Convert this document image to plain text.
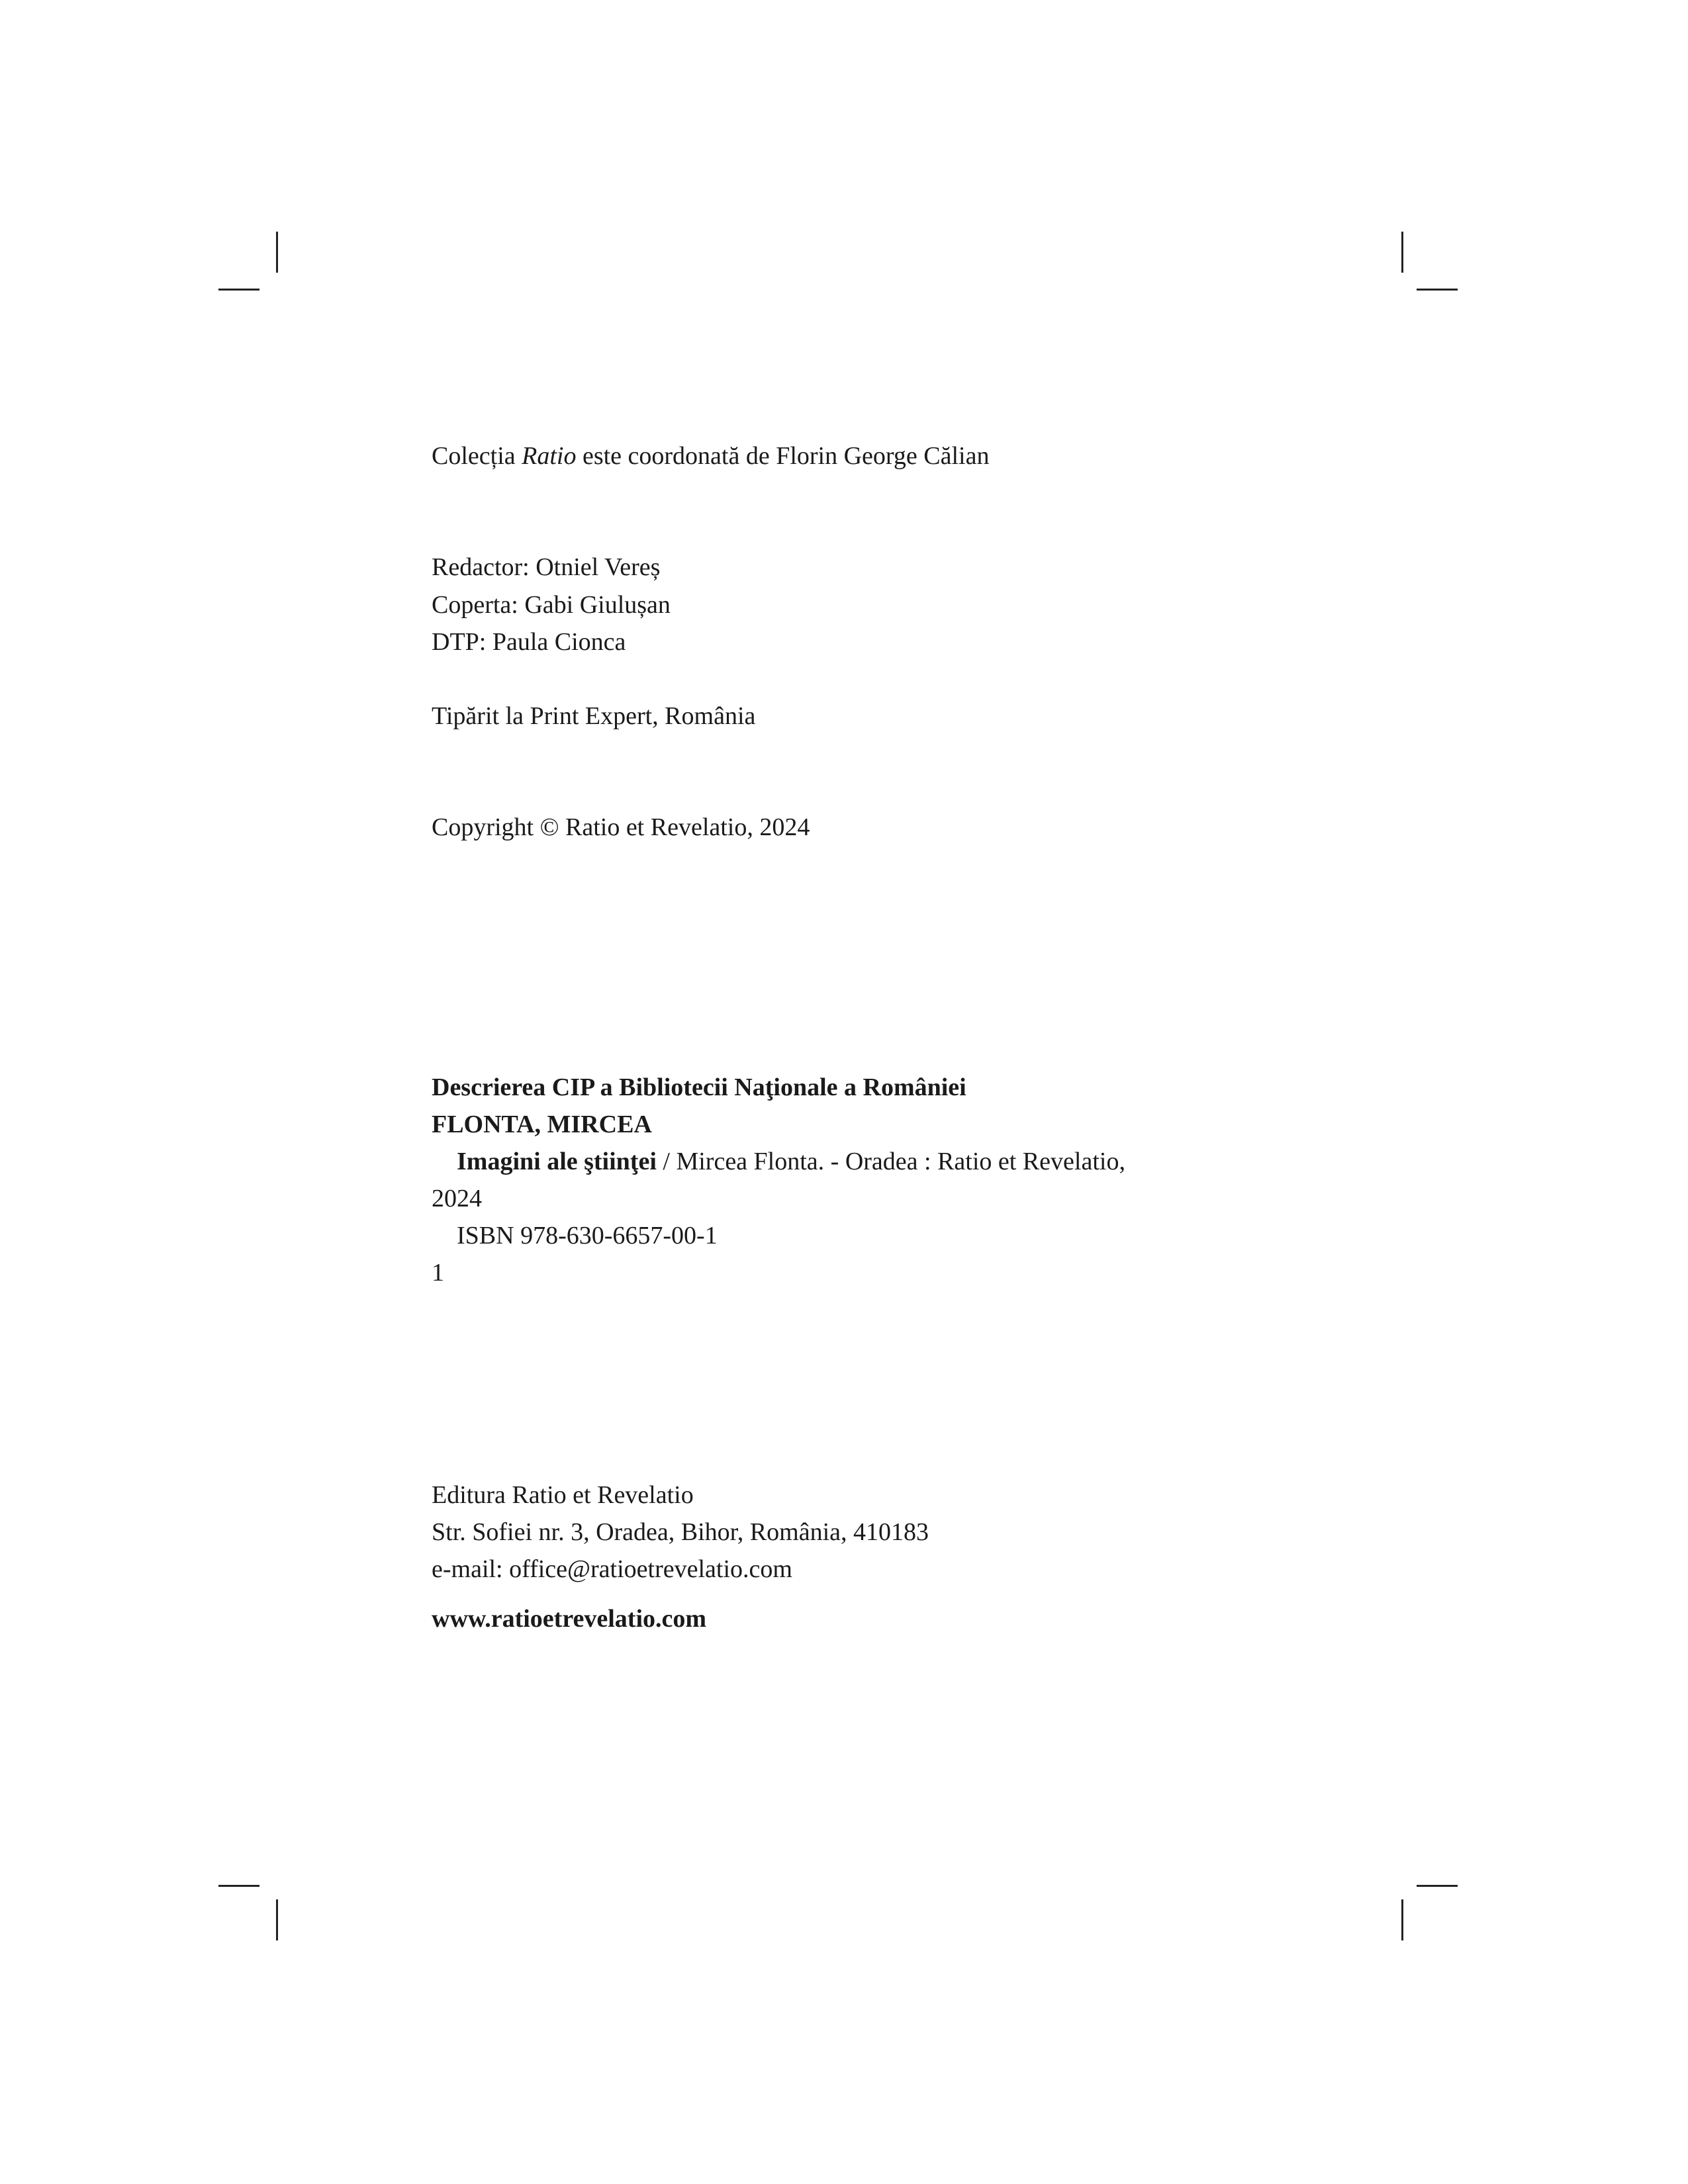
Colecția Ratio este coordonată de Florin George Călian
Redactor: Otniel Vereș
Coperta: Gabi Giulușan
DTP: Paula Cionca
Tipărit la Print Expert, România
Copyright © Ratio et Revelatio, 2024
Descrierea CIP a Bibliotecii Naţionale a României
FLONTA, MIRCEA
Imagini ale ştiinţei / Mircea Flonta. - Oradea : Ratio et Revelatio,
2024
ISBN 978-630-6657-00-1
1
Editura Ratio et Revelatio
Str. Sofiei nr. 3, Oradea, Bihor, România, 410183
e-mail: office@ratioetrevelatio.com
www.ratioetrevelatio.com
